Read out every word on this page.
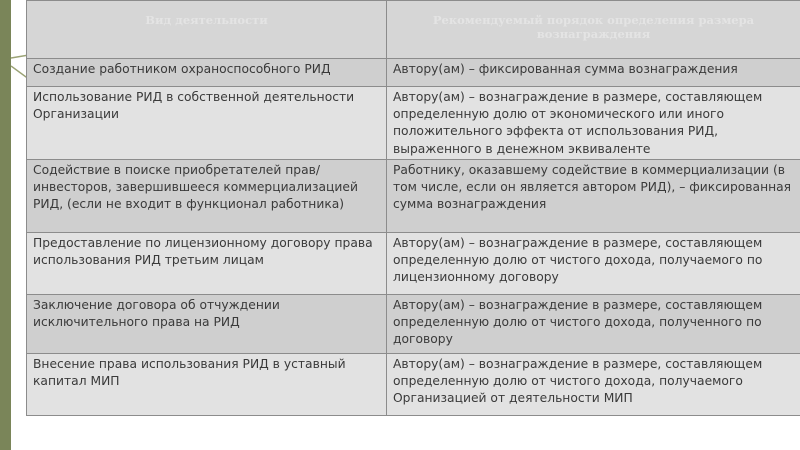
Вид деятельности	Рекомендуемый порядок определения размера вознаграждения
Создание работником охраноспособного РИД	Автору(ам) – фиксированная сумма вознаграждения
Использование РИД в собственной деятельности Организации	Автору(ам) – вознаграждение в размере, составляющем определенную долю от экономического или иного положительного эффекта от использования РИД, выраженного в денежном эквиваленте
Содействие в поиске приобретателей прав/инвесторов, завершившееся коммерциализацией РИД, (если не входит в функционал работника)	Работнику, оказавшему содействие в коммерциализации (в том числе, если он является автором РИД), – фиксированная сумма вознаграждения
Предоставление по лицензионному договору права использования РИД третьим лицам	Автору(ам) – вознаграждение в размере, составляющем определенную долю от чистого дохода, получаемого по лицензионному договору
Заключение договора об отчуждении исключительного права на РИД	Автору(ам) – вознаграждение в размере, составляющем определенную долю от чистого дохода, полученного по договору
Внесение права использования РИД в уставный капитал МИП	Автору(ам) – вознаграждение в размере, составляющем определенную долю от чистого дохода, получаемого Организацией от деятельности МИП
